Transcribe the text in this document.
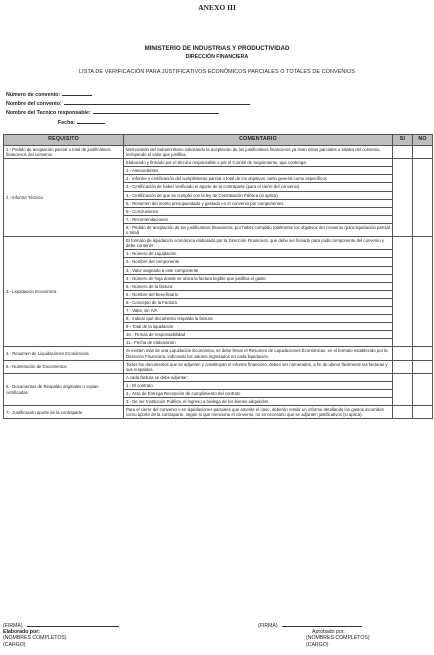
ANEXO III
MINISTERIO DE INDUSTRIAS Y PRODUCTIVIDAD
DIRECCIÓN FINANCIERA
LISTA DE VERIFICACIÓN PARA JUSTIFICATIVOS ECONÓMICOS PARCIALES O TOTALES DE CONVENIOS
Número de convenio:
Nombre del convenio:
Nombre del Tecnico responsable:
Fecha:
REQUISITO	COMENTARIO	SI	NO
1.- Pedido de aceptación parcial o total de justificativos financieros del convenio	Memorando del Subsecretario solicitando la aceptación de los justificativos financieros ya sean estos parciales o totales del convenio, incluyendo el valor que justifica.		
2.- Informe Técnico	Elaborado y firmado por el técnico responsable o por el Comité de Seguimiento, que contenga:		
	1.- Antecedentes		
	2.- Informe y certificación del cumplimiento parcial o total de los objetivos, tanto general como específicos		
	3.- Certificación de haber verificado el aporte de la contraparte (para el cierre del convenio)		
	4.- Certificación de que se cumplió con la ley de Contratación Pública (si aplica)		
	5.- Resumen del monto presupuestado y gastado en el convenio por componentes		
	6.- Conclusiones		
	7.- Recomendaciones		
	8.- Pedido de aceptación de los justificativos financieros, por haber cumplido totalmente los objetivos del convenio (para liquidación parcial o total)		
3.- Liquidación Económica	El formato de liquidación económica elaborado por la Dirección Financiera, que debe ser llenado para cada componente del convenio y debe contener:		
	1.- Número de Liquidación		
	2.- Nombre del componente		
	3.- Valor asignado a este componente		
	4.- Número de hoja donde se ubica la factura legible que justifica el gasto		
	5.- Número de la factura		
	5.- Nombre del Beneficiario		
	6.- Concepto de la Factura		
	7.- Valor, sin IVA		
	8.- Indicar qué documento respalda la factura		
	9.- Total de la liquidación		
	10.- Firmas de responsabilidad		
	11.- Fecha de elaboración		
4.- Resumen de Liquidaciones Económicas	Si existen más de una Liquidación Económica, se debe llenar el Resumen de Liquidaciones Económicas, en el formato establecido por la Dirección Financiera, indicando los valores ingresados en cada liquidación.		
5.- Numeración de Documentos	Todos los documentos que se adjunten y constituyan el informe financiero, deben ser numerados, a fin de ubicar fácilmente las facturas y sus respaldos.		
6.- Documentos de Respaldo originales o copias certificadas	A cada factura se debe adjuntar:		
	1.- El contrato		
	2.- Acta de Entrega Recepción de cumplimiento del contrato		
	3.- De ser Institución Pública, el ingreso a bodega de los bienes adquiridos		
7.- Justificación aporte de la contraparte	Para el cierre del convenio o en liquidaciones parciales que amerite el caso, deberán remitir un informe detallando los gastos incurridos como aporte de la contraparte, según lo que menciona el convenio, no es necesario que se adjunten justificativos (si aplica).		
(FIRMA)
Elaborado por:
(NOMBRES COMPLETOS)
(CARGO)
(FIRMA)
Aprobado por:
(NOMBRES COMPLETOS)
(CARGO)
